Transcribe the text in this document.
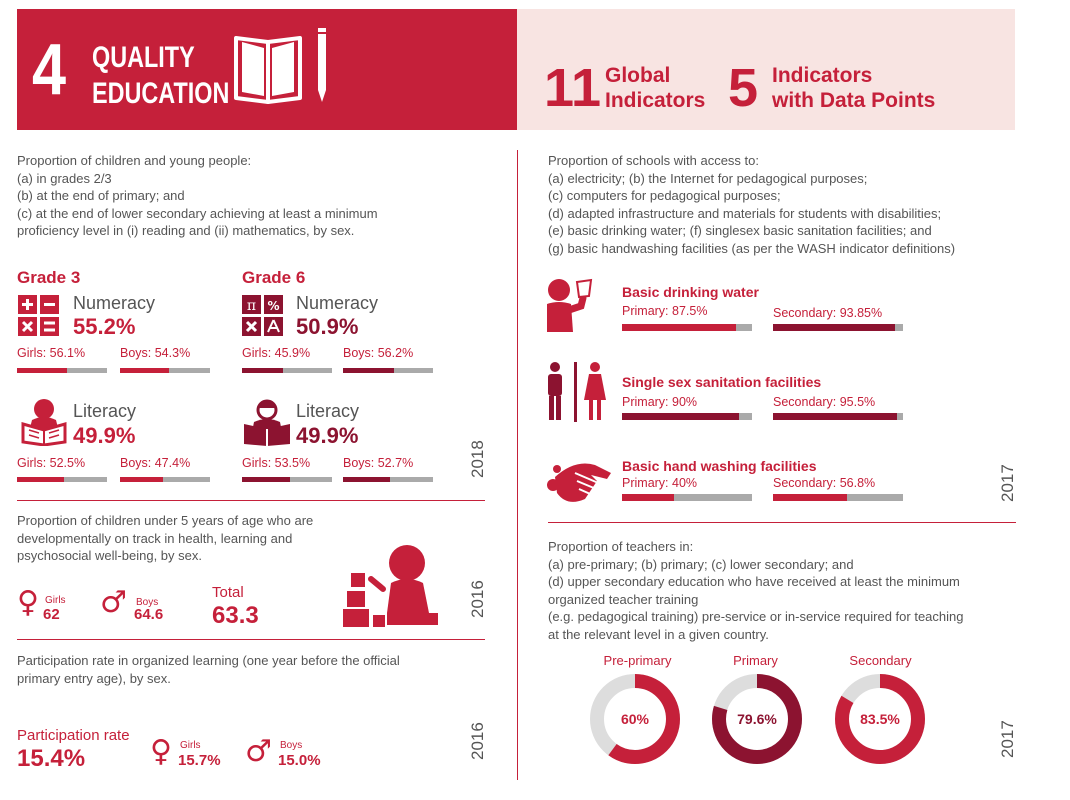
4 QUALITY
EDUCATION	11 Global
Indicators 5 Indicators
with Data Points
Proportion of children and young people:
(a) in grades 2/3
(b) at the end of primary; and
(c) at the end of lower secondary achieving at least a minimum
proficiency level in (i) reading and (ii) mathematics, by sex.
Grade 3
Numeracy
55.2%
Girls: 56.1%	Boys: 54.3%
Literacy
49.9%
Girls: 52.5%	Boys: 47.4%
Grade 6
π % Numeracy
50.9%
Girls: 45.9%	Boys: 56.2%
Literacy
49.9%
Girls: 53.5%	Boys: 52.7%	2018
Proportion of children under 5 years of age who are
developmentally on track in health, learning and
psychosocial well-being, by sex.
♀ Girls
62 ♂ Boys
64.6
Total
63.3	2016
Participation rate in organized learning (one year before the official
primary entry age), by sex.
Participation rate
15.4% ♀ Girls
15.7% ♂ Boys
15.0%
2016
Proportion of schools with access to:
(a) electricity; (b) the Internet for pedagogical purposes;
(c) computers for pedagogical purposes;
(d) adapted infrastructure and materials for students with disabilities;
(e) basic drinking water; (f) singlesex basic sanitation facilities; and
(g) basic handwashing facilities (as per the WASH indicator definitions)
Basic drinking water
Primary: 87.5%	Secondary: 93.85%
Single sex sanitation facilities
Primary: 90%	Secondary: 95.5%
Basic hand washing facilities
Primary: 40%	Secondary: 56.8%	2017
Proportion of teachers in:
(a) pre-primary; (b) primary; (c) lower secondary; and
(d) upper secondary education who have received at least the minimum
organized teacher training
(e.g. pedagogical training) pre-service or in-service required for teaching
at the relevant level in a given country.
Pre-primary	Primary	Secondary
60%	79.6%	83.5%
2017
